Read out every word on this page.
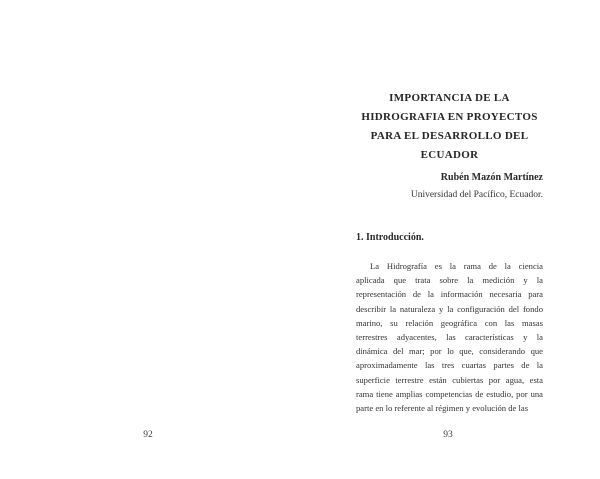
92
IMPORTANCIA DE LA
HIDROGRAFIA EN PROYECTOS
PARA EL DESARROLLO DEL
ECUADOR
Rubén Mazón Martínez
Universidad del Pacífico, Ecuador.
1. Introducción.
La Hidrografía es la rama de la ciencia
aplicada que trata sobre la medición y la
representación de la información necesaria para
describir la naturaleza y la configuración del fondo
marino, su relación geográfica con las masas
terrestres adyacentes, las características y la
dinámica del mar; por lo que, considerando que
aproximadamente las tres cuartas partes de la
superficie terrestre están cubiertas por agua, esta
rama tiene amplias competencias de estudio, por una
parte en lo referente al régimen y evolución de las
93
